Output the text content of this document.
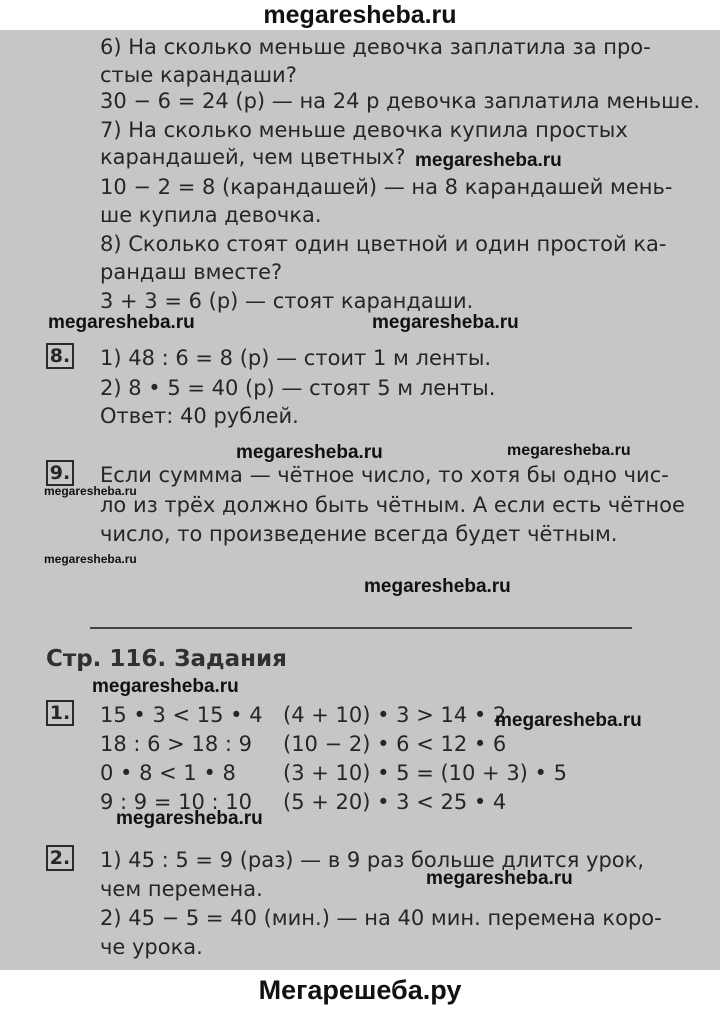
megaresheba.ru
6) На сколько меньше девочка заплатила за про-
стые карандаши?
30 − 6 = 24 (р) — на 24 р девочка заплатила меньше.
7) На сколько меньше девочка купила простых
карандашей, чем цветных?
10 − 2 = 8 (карандашей) — на 8 карандашей мень-
ше купила девочка.
8) Сколько стоят один цветной и один простой ка-
рандаш вместе?
3 + 3 = 6 (р) — стоят карандаши.
8. 1) 48 : 6 = 8 (р) — стоит 1 м ленты.
2) 8 • 5 = 40 (р) — стоят 5 м ленты.
Ответ: 40 рублей.
9. Если суммма — чётное число, то хотя бы одно чис-
ло из трёх должно быть чётным. А если есть чётное
число, то произведение всегда будет чётным.
Стр. 116. Задания
1. 15 • 3 < 15 • 4
18 : 6 > 18 : 9
0 • 8 < 1 • 8
9 : 9 = 10 : 10
(4 + 10) • 3 > 14 • 2
(10 − 2) • 6 < 12 • 6
(3 + 10) • 5 = (10 + 3) • 5
(5 + 20) • 3 < 25 • 4
2. 1) 45 : 5 = 9 (раз) — в 9 раз больше длится урок,
чем перемена.
2) 45 − 5 = 40 (мин.) — на 40 мин. перемена коро-
че урока.
megaresheba.ru
megaresheba.ru	megaresheba.ru
megaresheba.ru	megaresheba.ru
megaresheba.ru
megaresheba.ru
megaresheba.ru
megaresheba.ru
megaresheba.ru
megaresheba.ru
megaresheba.ru
Мегарешеба.ру
